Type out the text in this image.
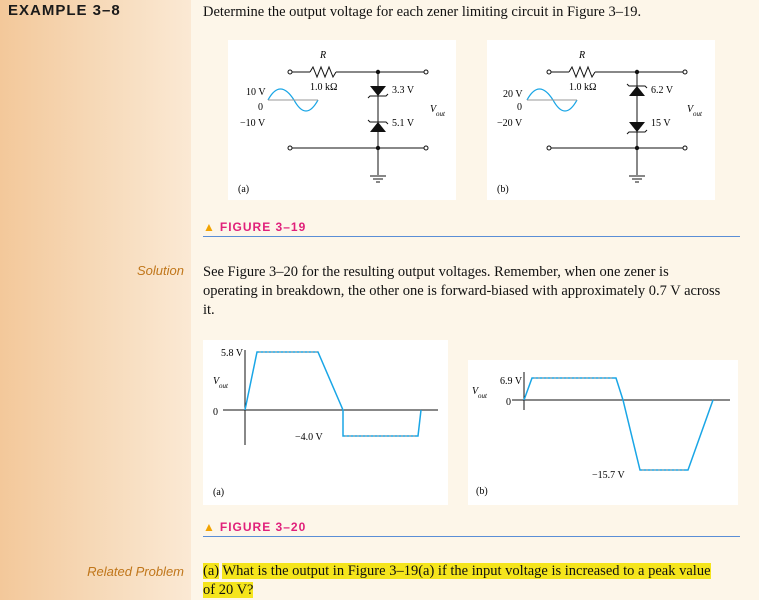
EXAMPLE 3–8	Determine the output voltage for each zener limiting circuit in Figure 3–19.
R
1.0 kΩ
10 V
0
−10 V
3.3 V
5.1 V
V out
(a)
R
1.0 kΩ
20 V
0
−20 V
6.2 V
15 V
V out
(b)
▲ FIGURE 3–19
Solution See Figure 3–20 for the resulting output voltages. Remember, when one zener is operating in breakdown, the other one is forward-biased with approximately 0.7 V across it.
5.8 V
0
−4.0 V
V out
(a)
6.9 V
0
−15.7 V
V out
(b)
▲ FIGURE 3–20
Related Problem (a) What is the output in Figure 3–19(a) if the input voltage is increased to a peak value of 20 V?
